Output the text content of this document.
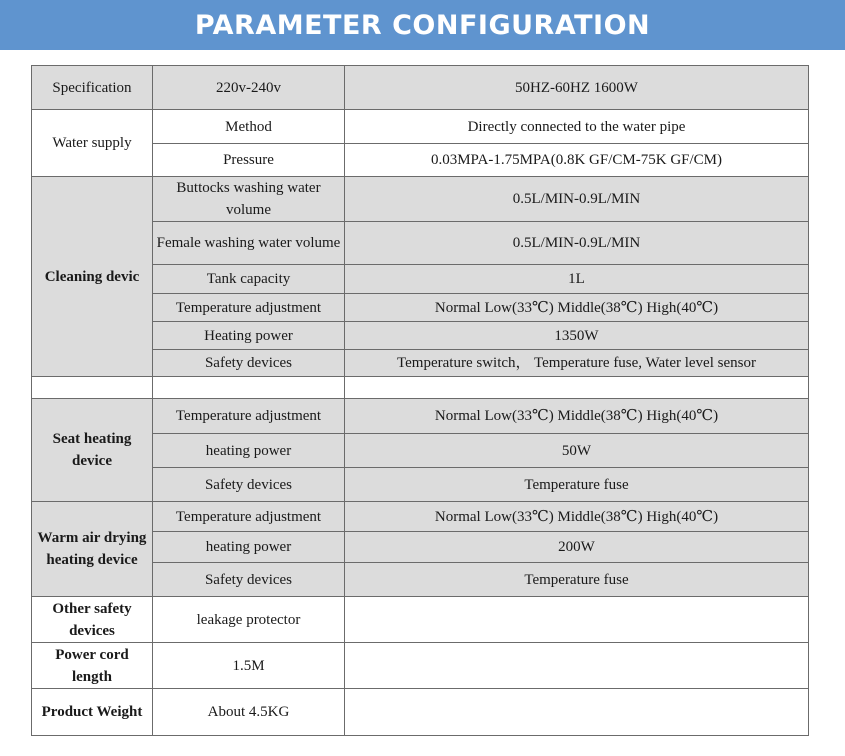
PARAMETER CONFIGURATION
Specification	220v-240v	50HZ-60HZ 1600W
Water supply	Method	Directly connected to the water pipe
	Pressure	0.03MPA-1.75MPA(0.8K GF/CM-75K GF/CM)
Cleaning devic	Buttocks washing water volume	0.5L/MIN-0.9L/MIN
	Female washing water volume	0.5L/MIN-0.9L/MIN
	Tank capacity	1L
	Temperature adjustment	Normal Low(33℃) Middle(38℃) High(40℃)
	Heating power	1350W
	Safety devices	Temperature switch， Temperature fuse, Water level sensor

Seat heating device	Temperature adjustment	Normal Low(33℃) Middle(38℃) High(40℃)
	heating power	50W
	Safety devices	Temperature fuse
Warm air drying heating device	Temperature adjustment	Normal Low(33℃) Middle(38℃) High(40℃)
	heating power	200W
	Safety devices	Temperature fuse
Other safety devices	leakage protector	
Power cord length	1.5M	
Product Weight	About 4.5KG	
